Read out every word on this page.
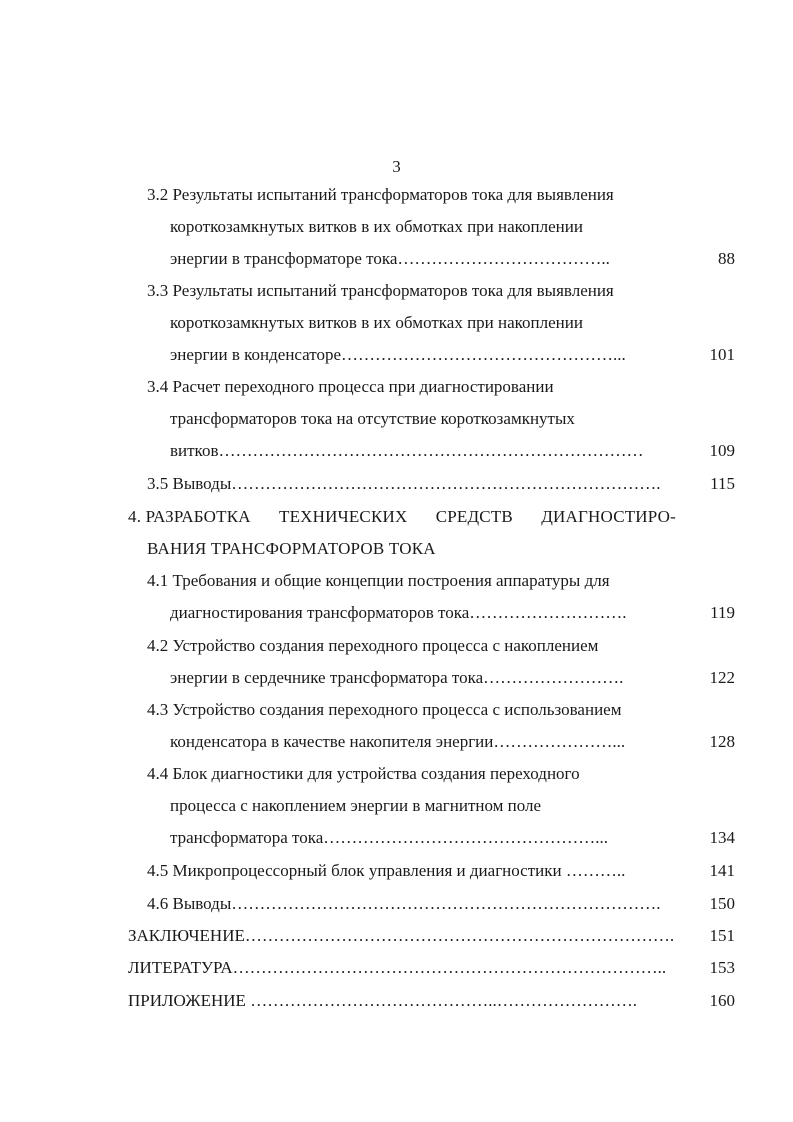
3
3.2 Результаты испытаний трансформаторов тока для выявления
короткозамкнутых витков в их обмотках при накоплении
энергии в трансформаторе тока………………………………..	88
3.3 Результаты испытаний трансформаторов тока для выявления
короткозамкнутых витков в их обмотках при накоплении
энергии в конденсаторе…………………………………………...	101
3.4 Расчет переходного процесса при диагностировании
трансформаторов тока на отсутствие короткозамкнутых
витков…………………………………………………………………	109
3.5 Выводы………………………………………………………………….	115
4. РАЗРАБОТКА ТЕХНИЧЕСКИХ СРЕДСТВ ДИАГНОСТИРО-
ВАНИЯ ТРАНСФОРМАТОРОВ ТОКА
4.1 Требования и общие концепции построения аппаратуры для
диагностирования трансформаторов тока……………………….	119
4.2 Устройство создания переходного процесса с накоплением
энергии в сердечнике трансформатора тока…………………….	122
4.3 Устройство создания переходного процесса с использованием
конденсатора в качестве накопителя энергии…………………...	128
4.4 Блок диагностики для устройства создания переходного
процесса с накоплением энергии в магнитном поле
трансформатора тока…………………………………………...	134
4.5 Микропроцессорный блок управления и диагностики ………..	141
4.6 Выводы………………………………………………………………….	150
ЗАКЛЮЧЕНИЕ………………………………………………………………….	151
ЛИТЕРАТУРА…………………………………………………………………..	153
ПРИЛОЖЕНИЕ ……………………………………..…………………….	160
